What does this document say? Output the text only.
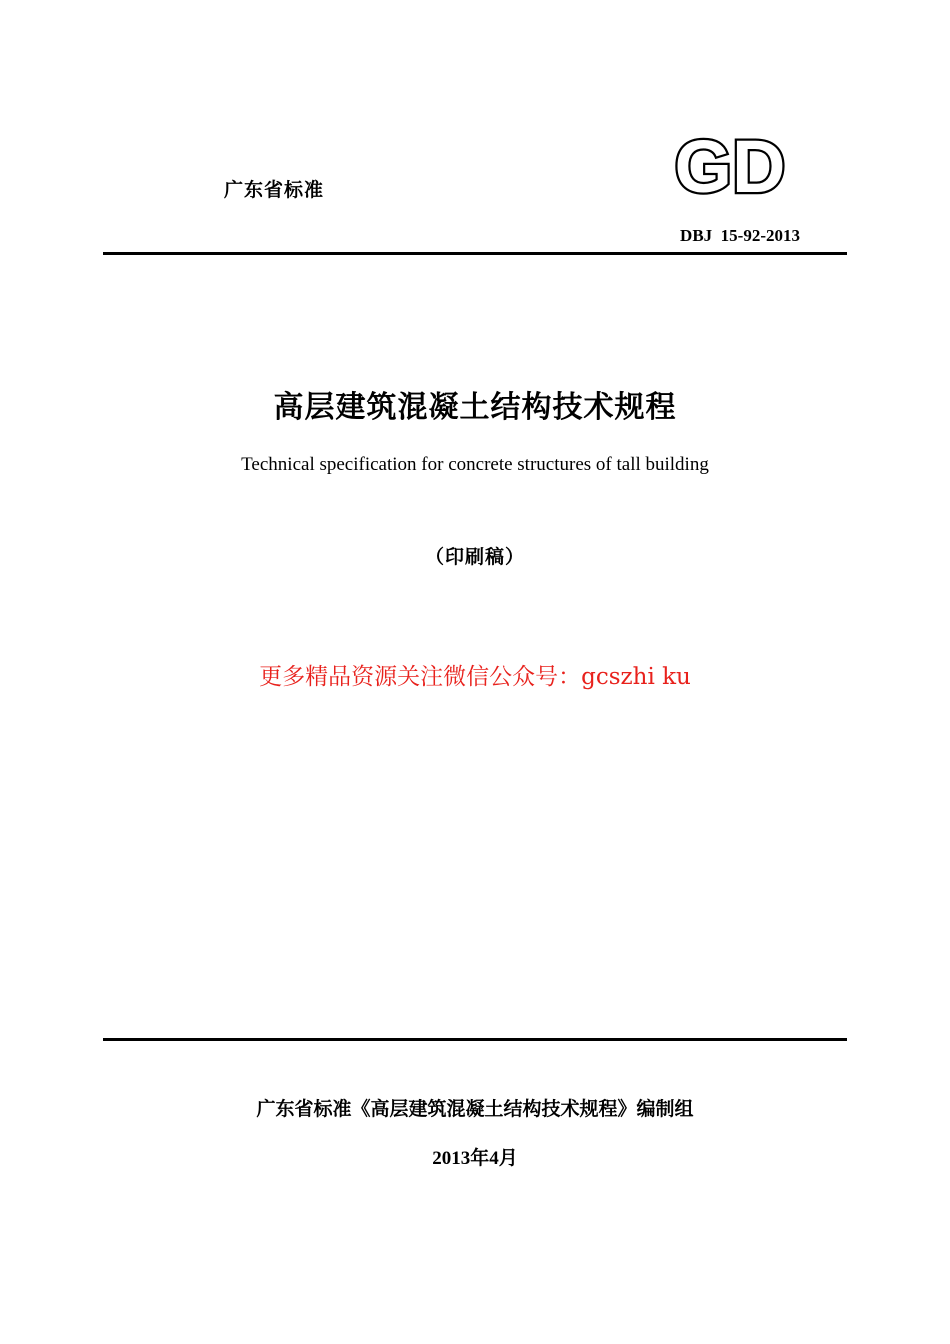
广东省标准	GD
DBJ  15-92-2013
高层建筑混凝土结构技术规程
Technical specification for concrete structures of tall building
（印刷稿）
更多精品资源关注微信公众号：gcszhi ku
广东省标准《高层建筑混凝土结构技术规程》编制组
2013年4月
